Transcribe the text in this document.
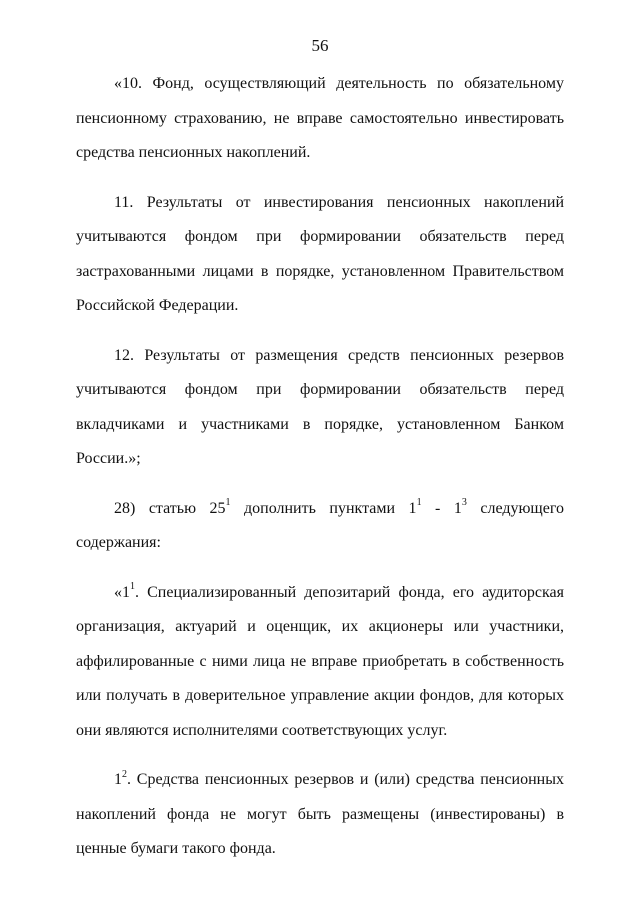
56

«10. Фонд, осуществляющий деятельность по обязательному пенсионному страхованию, не вправе самостоятельно инвестировать средства пенсионных накоплений.

11. Результаты от инвестирования пенсионных накоплений учитываются фондом при формировании обязательств перед застрахованными лицами в порядке, установленном Правительством Российской Федерации.

12. Результаты от размещения средств пенсионных резервов учитываются фондом при формировании обязательств перед вкладчиками и участниками в порядке, установленном Банком России.»;

28) статью $25^1$ дополнить пунктами $1^1 - 1^3$ следующего содержания:

«$1^1$. Специализированный депозитарий фонда, его аудиторская организация, актуарий и оценщик, их акционеры или участники, аффилированные с ними лица не вправе приобретать в собственность или получать в доверительное управление акции фондов, для которых они являются исполнителями соответствующих услуг.

$1^2$. Средства пенсионных резервов и (или) средства пенсионных накоплений фонда не могут быть размещены (инвестированы) в ценные бумаги такого фонда.
